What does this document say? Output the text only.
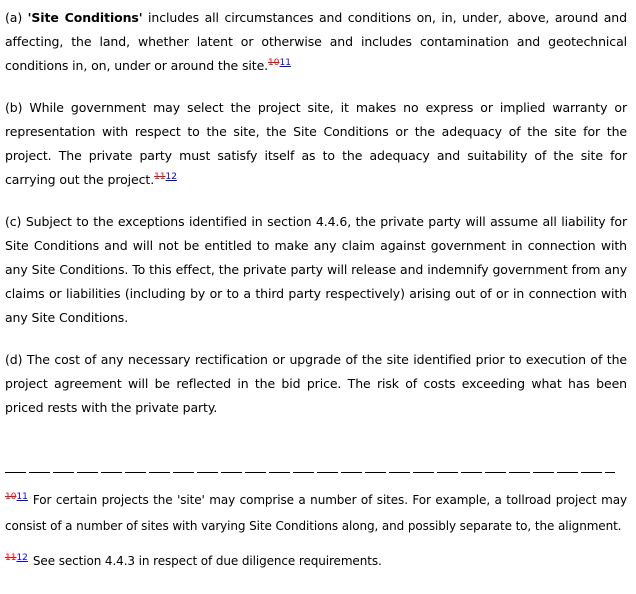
(a) 'Site Conditions' includes all circumstances and conditions on, in, under, above, around and affecting, the land, whether latent or otherwise and includes contamination and geotechnical conditions in, on, under or around the site.$^{1011}$

(b) While government may select the project site, it makes no express or implied warranty or representation with respect to the site, the Site Conditions or the adequacy of the site for the project. The private party must satisfy itself as to the adequacy and suitability of the site for carrying out the project.$^{1112}$

(c) Subject to the exceptions identified in section 4.4.6, the private party will assume all liability for Site Conditions and will not be entitled to make any claim against government in connection with any Site Conditions. To this effect, the private party will release and indemnify government from any claims or liabilities (including by or to a third party respectively) arising out of or in connection with any Site Conditions.

(d) The cost of any necessary rectification or upgrade of the site identified prior to execution of the project agreement will be reflected in the bid price. The risk of costs exceeding what has been priced rests with the private party.

$^{1011}$ For certain projects the 'site' may comprise a number of sites. For example, a tollroad project may consist of a number of sites with varying Site Conditions along, and possibly separate to, the alignment.

$^{1112}$ See section 4.4.3 in respect of due diligence requirements.
